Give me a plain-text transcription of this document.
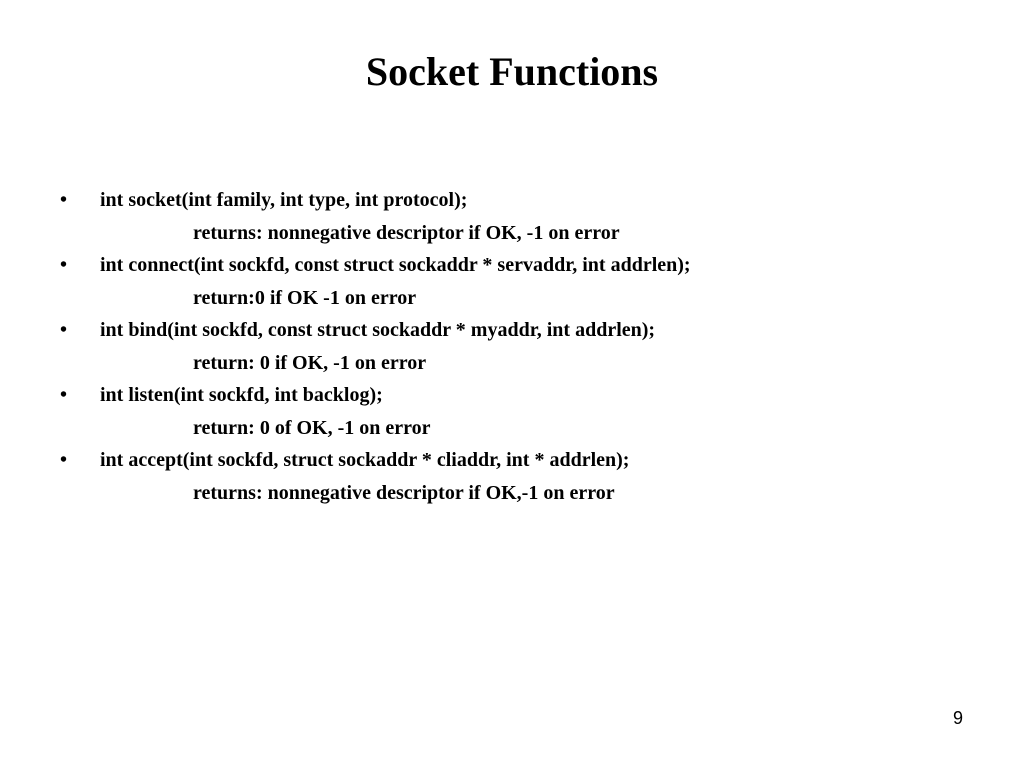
Socket Functions
• int socket(int family, int type, int protocol);
returns: nonnegative descriptor if OK, -1 on error
• int connect(int sockfd, const struct sockaddr * servaddr, int addrlen);
return:0 if OK -1 on error
• int bind(int sockfd, const struct sockaddr * myaddr, int addrlen);
return: 0 if OK, -1 on error
• int listen(int sockfd, int backlog);
return: 0 of OK, -1 on error
• int accept(int sockfd, struct sockaddr * cliaddr, int * addrlen);
returns: nonnegative descriptor if OK,-1 on error
9
